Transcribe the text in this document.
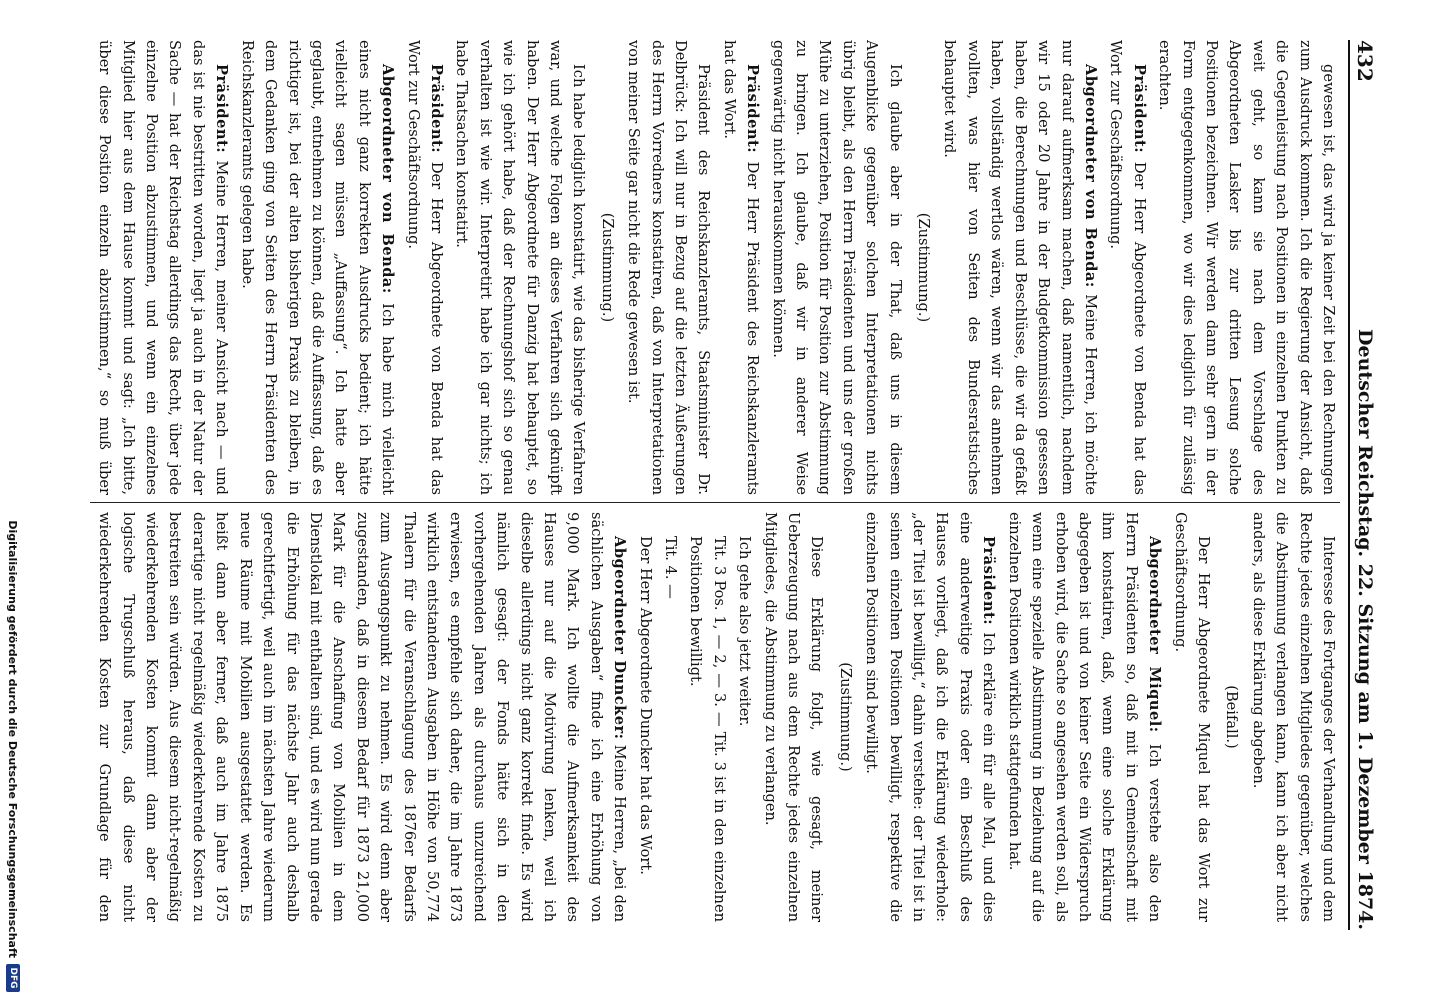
432
Deutscher Reichstag. 22. Sitzung am 1. Dezember 1874.

gewesen ist, das wird ja keiner Zeit bei den Rechnungen zum Ausdruck kommen. Ich die Regierung der Ansicht, daß die Gegenleistung nach Positionen in einzelnen Punkten zu weit geht, so kann sie nach dem Vorschlage des Abgeordneten Lasker bis zur dritten Lesung solche Positionen bezeichnen. Wir werden dann sehr gern in der Form entgegenkommen, wo wir dies lediglich für zulässig erachten.

Präsident: Der Herr Abgeordnete von Benda hat das Wort zur Geschäftsordnung.

Abgeordneter von Benda: Meine Herren, ich möchte nur darauf aufmerksam machen, daß namentlich, nachdem wir 15 oder 20 Jahre in der Budgetkommission gesessen haben, die Berechnungen und Beschlüsse, die wir da gefaßt haben, vollständig wertlos wären, wenn wir das annehmen wollten, was hier von Seiten des Bundesratstisches behauptet wird.

(Zustimmung.)

Ich glaube aber in der That, daß uns in diesem Augenblicke gegenüber solchen Interpretationen nichts übrig bleibt, als den Herrn Präsidenten und uns der großen Mühe zu unterziehen, Position für Position zur Abstimmung zu bringen. Ich glaube, daß wir in anderer Weise gegenwärtig nicht herauskommen können.

Präsident: Der Herr Präsident des Reichskanzleramts hat das Wort.

Präsident des Reichskanzleramts, Staatsminister Dr. Delbrück: Ich will nur in Bezug auf die letzten Äußerungen des Herrn Vorredners konstatiren, daß von Interpretationen von meiner Seite gar nicht die Rede gewesen ist.

(Zustimmung.)

Ich habe lediglich konstatirt, wie das bisherige Verfahren war, und welche Folgen an dieses Verfahren sich geknüpft haben. Der Herr Abgeordnete für Danzig hat behauptet, so wie ich gehört habe, daß der Rechnungshof sich so genau verhalten ist wie wir. Interpretirt habe ich gar nichts; ich habe Thatsachen konstatirt.

Präsident: Der Herr Abgeordnete von Benda hat das Wort zur Geschäftsordnung.

Abgeordneter von Benda: Ich habe mich vielleicht eines nicht ganz korrekten Ausdrucks bedient; ich hätte vielleicht sagen müssen „Auffassung“. Ich hatte aber geglaubt, entnehmen zu können, daß die Auffassung, daß es richtiger ist, bei der alten bisherigen Praxis zu bleiben, in dem Gedanken ging von Seiten des Herrn Präsidenten des Reichskanzleramts gelegen habe.

Präsident: Meine Herren, meiner Ansicht nach — und das ist nie bestritten worden, liegt ja auch in der Natur der Sache — hat der Reichstag allerdings das Recht, über jede einzelne Position abzustimmen, und wenn ein einzelnes Mitglied hier aus dem Hause kommt und sagt: „Ich bitte, über diese Position einzeln abzustimmen,“ so muß über

Interesse des Fortganges der Verhandlung und dem Rechte jedes einzelnen Mitgliedes gegenüber, welches die Abstimmung verlangen kann, kann ich aber nicht anders, als diese Erklärung abgeben.

(Beifall.)

Der Herr Abgeordnete Miquel hat das Wort zur Geschäftsordnung.

Abgeordneter Miquel: Ich verstehe also den Herrn Präsidenten so, daß mit in Gemeinschaft mit ihm konstatiren, daß, wenn eine solche Erklärung abgegeben ist und von keiner Seite ein Widerspruch erhoben wird, die Sache so angesehen werden soll, als wenn eine spezielle Abstimmung in Beziehung auf die einzelnen Positionen wirklich stattgefunden hat.

Präsident: Ich erkläre ein für alle Mal, und dies eine anderweitige Praxis oder ein Beschluß des Hauses vorliegt, daß ich die Erklärung wiederhole: „der Titel ist bewilligt,“ dahin verstehe: der Titel ist in seinen einzelnen Positionen bewilligt, respektive die einzelnen Positionen sind bewilligt.

(Zustimmung.)

Diese Erklärung folgt, wie gesagt, meiner Ueberzeugung nach aus dem Rechte jedes einzelnen Mitgliedes, die Abstimmung zu verlangen.

Ich gehe also jetzt weiter.

Tit. 3 Pos. 1, — 2, — 3. — Tit. 3 ist in den einzelnen Positionen bewilligt.

Tit. 4. —

Der Herr Abgeordnete Duncker hat das Wort.

Abgeordneter Duncker: Meine Herren, „bei den sächlichen Ausgaben“ finde ich eine Erhöhung von 9,000 Mark. Ich wollte die Aufmerksamkeit des Hauses nur auf die Motivirung lenken, weil ich dieselbe allerdings nicht ganz korrekt finde. Es wird nämlich gesagt: der Fonds hätte sich in den vorhergehenden Jahren als durchaus unzureichend erwiesen, es empfehle sich daher, die im Jahre 1873 wirklich entstandenen Ausgaben in Höhe von 50,774 Thalern für die Veranschlagung des 1876er Bedarfs zum Ausgangspunkt zu nehmen. Es wird denn aber zugestanden, daß in diesem Bedarf für 1873 21,000 Mark für die Anschaffung von Mobilien in dem Dienstlokal mit enthalten sind, und es wird nun gerade die Erhöhung für das nächste Jahr auch deshalb gerechtfertigt, weil auch im nächsten Jahre wiederum neue Räume mit Mobilien ausgestattet werden. Es heißt dann aber ferner, daß auch im Jahre 1875 derartige nicht regelmäßig wiederkehrende Kosten zu bestreiten sein würden. Aus diesem nicht-regelmäßig wiederkehrenden Kosten kommt dann aber der logische Trugschluß heraus, daß diese nicht wiederkehrenden Kosten zur Grundlage für den

Digitalisierung gefördert durch die Deutsche Forschungsgemeinschaft
DFG
